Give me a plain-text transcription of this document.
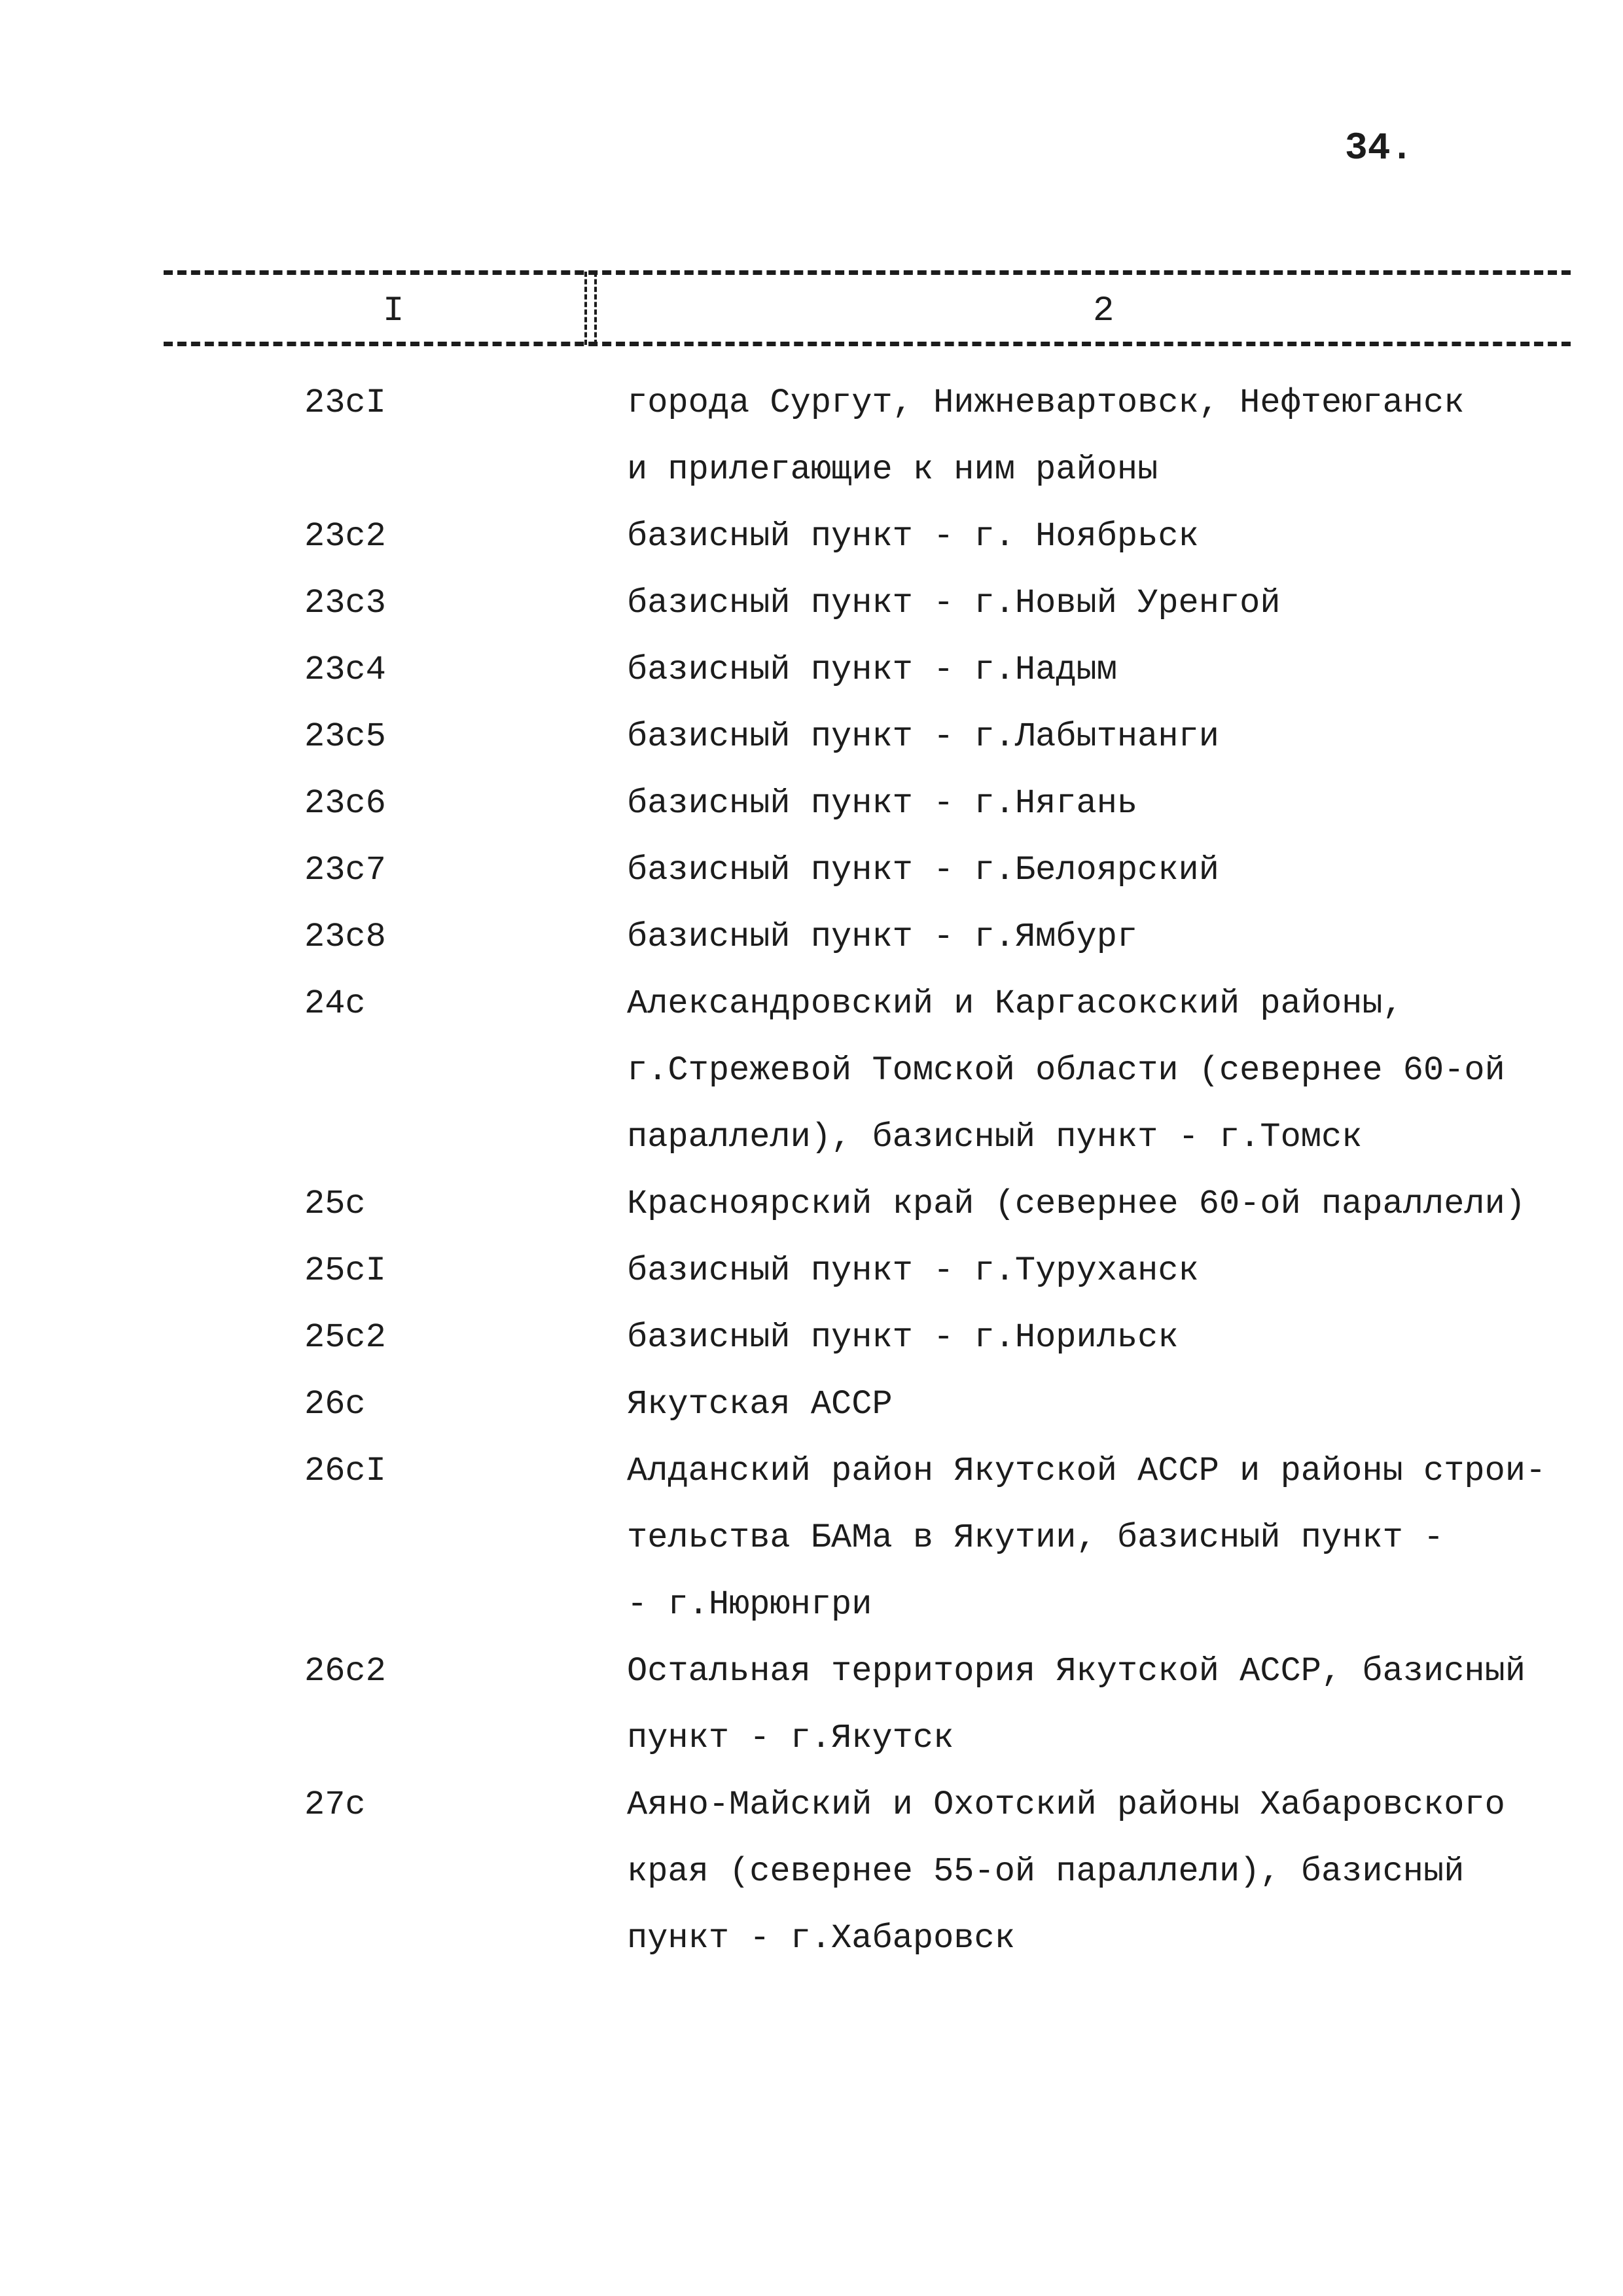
34.
I	2
23cI	города Сургут, Нижневартовск, Нефтеюганск
и прилегающие к ним районы
23c2	базисный пункт - г. Ноябрьск
23c3	базисный пункт - г.Новый Уренгой
23c4	базисный пункт - г.Надым
23c5	базисный пункт - г.Лабытнанги
23c6	базисный пункт - г.Нягань
23c7	базисный пункт - г.Белоярский
23c8	базисный пункт - г.Ямбург
24c	Александровский и Каргасокский районы,
г.Стрежевой Томской области (севернее 60-ой
параллели), базисный пункт - г.Томск
25c	Красноярский край (севернее 60-ой параллели)
25cI	базисный пункт - г.Туруханск
25c2	базисный пункт - г.Норильск
26c	Якутская АССР
26cI	Алданский район Якутской АССР и районы строи-
тельства БАМа в Якутии, базисный пункт -
- г.Нюрюнгри
26c2	Остальная территория Якутской АССР, базисный
пункт - г.Якутск
27c	Аяно-Майский и Охотский районы Хабаровского
края (севернее 55-ой параллели), базисный
пункт - г.Хабаровск
